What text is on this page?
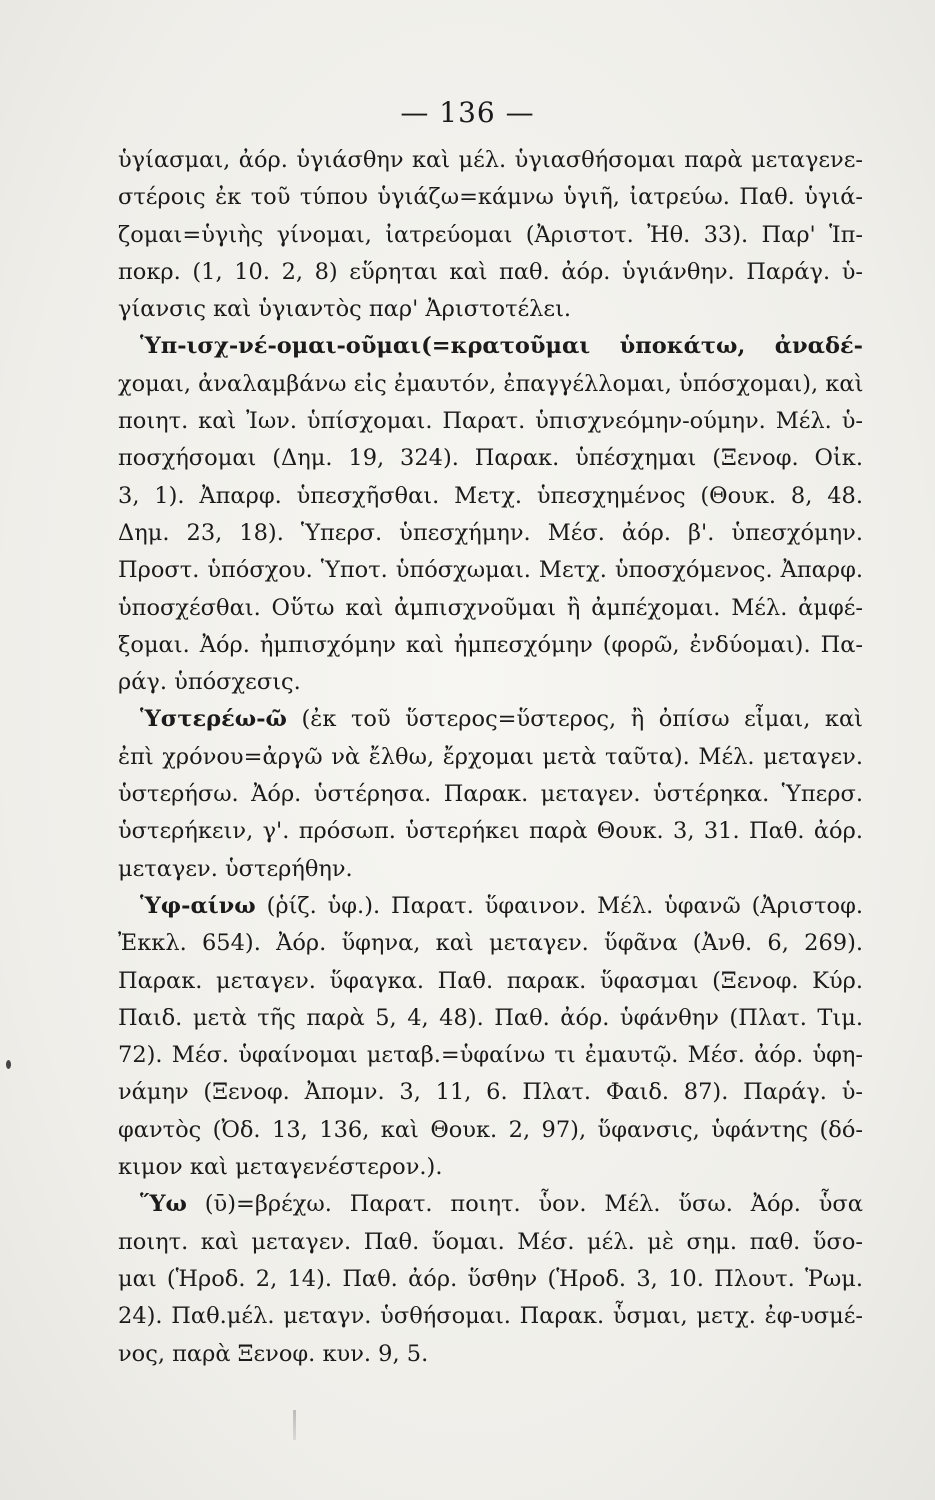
— 136 —
ὑγίασμαι, ἀόρ. ὑγιάσθην καὶ μέλ. ὑγιασθήσομαι παρὰ μεταγενε-
στέροις ἐκ τοῦ τύπου ὑγιάζω=κάμνω ὑγιῆ, ἰατρεύω. Παθ. ὑγιά-
ζομαι=ὑγιὴς γίνομαι, ἰατρεύομαι (Ἀριστοτ. Ἠθ. 33). Παρ' Ἱπ-
ποκρ. (1, 10. 2, 8) εὕρηται καὶ παθ. ἀόρ. ὑγιάνθην. Παράγ. ὑ-
γίανσις καὶ ὑγιαντὸς παρ' Ἀριστοτέλει.
Ὑπ-ισχ-νέ-ομαι-οῦμαι(=κρατοῦμαι ὑποκάτω, ἀναδέ-
χομαι, ἀναλαμβάνω εἰς ἐμαυτόν, ἐπαγγέλλομαι, ὑπόσχομαι), καὶ
ποιητ. καὶ Ἰων. ὑπίσχομαι. Παρατ. ὑπισχνεόμην-ούμην. Μέλ. ὑ-
ποσχήσομαι (Δημ. 19, 324). Παρακ. ὑπέσχημαι (Ξενοφ. Οἰκ.
3, 1). Ἀπαρφ. ὑπεσχῆσθαι. Μετχ. ὑπεσχημένος (Θουκ. 8, 48.
Δημ. 23, 18). Ὑπερσ. ὑπεσχήμην. Μέσ. ἀόρ. β'. ὑπεσχόμην.
Προστ. ὑπόσχου. Ὑποτ. ὑπόσχωμαι. Μετχ. ὑποσχόμενος. Ἀπαρφ.
ὑποσχέσθαι. Οὕτω καὶ ἀμπισχνοῦμαι ἢ ἀμπέχομαι. Μέλ. ἀμφέ-
ξομαι. Ἀόρ. ἠμπισχόμην καὶ ἠμπεσχόμην (φορῶ, ἐνδύομαι). Πα-
ράγ. ὑπόσχεσις.
Ὑστερέω-ῶ (ἐκ τοῦ ὕστερος=ὕστερος, ἢ ὀπίσω εἶμαι, καὶ
ἐπὶ χρόνου=ἀργῶ νὰ ἔλθω, ἔρχομαι μετὰ ταῦτα). Μέλ. μεταγεν.
ὑστερήσω. Ἀόρ. ὑστέρησα. Παρακ. μεταγεν. ὑστέρηκα. Ὑπερσ.
ὑστερήκειν, γ'. πρόσωπ. ὑστερήκει παρὰ Θουκ. 3, 31. Παθ. ἀόρ.
μεταγεν. ὑστερήθην.
Ὑφ-αίνω (ῥίζ. ὑφ.). Παρατ. ὕφαινον. Μέλ. ὑφανῶ (Ἀριστοφ.
Ἐκκλ. 654). Ἀόρ. ὕφηνα, καὶ μεταγεν. ὕφᾶνα (Ἀνθ. 6, 269).
Παρακ. μεταγεν. ὕφαγκα. Παθ. παρακ. ὕφασμαι (Ξενοφ. Κύρ.
Παιδ. μετὰ τῆς παρὰ 5, 4, 48). Παθ. ἀόρ. ὑφάνθην (Πλατ. Τιμ.
72). Μέσ. ὑφαίνομαι μεταβ.=ὑφαίνω τι ἐμαυτῷ. Μέσ. ἀόρ. ὑφη-
νάμην (Ξενοφ. Ἀπομν. 3, 11, 6. Πλατ. Φαιδ. 87). Παράγ. ὑ-
φαντὸς (Ὀδ. 13, 136, καὶ Θουκ. 2, 97), ὕφανσις, ὑφάντης (δό-
κιμον καὶ μεταγενέστερον.).
Ὕω (ῡ)=βρέχω. Παρατ. ποιητ. ὗον. Μέλ. ὕσω. Ἀόρ. ὗσα
ποιητ. καὶ μεταγεν. Παθ. ὕομαι. Μέσ. μέλ. μὲ σημ. παθ. ὕσο-
μαι (Ἡροδ. 2, 14). Παθ. ἀόρ. ὕσθην (Ἡροδ. 3, 10. Πλουτ. Ῥωμ.
24). Παθ.μέλ. μεταγν. ὑσθήσομαι. Παρακ. ὗσμαι, μετχ. ἐφ-υσμέ-
νος, παρὰ Ξενοφ. κυν. 9, 5.
